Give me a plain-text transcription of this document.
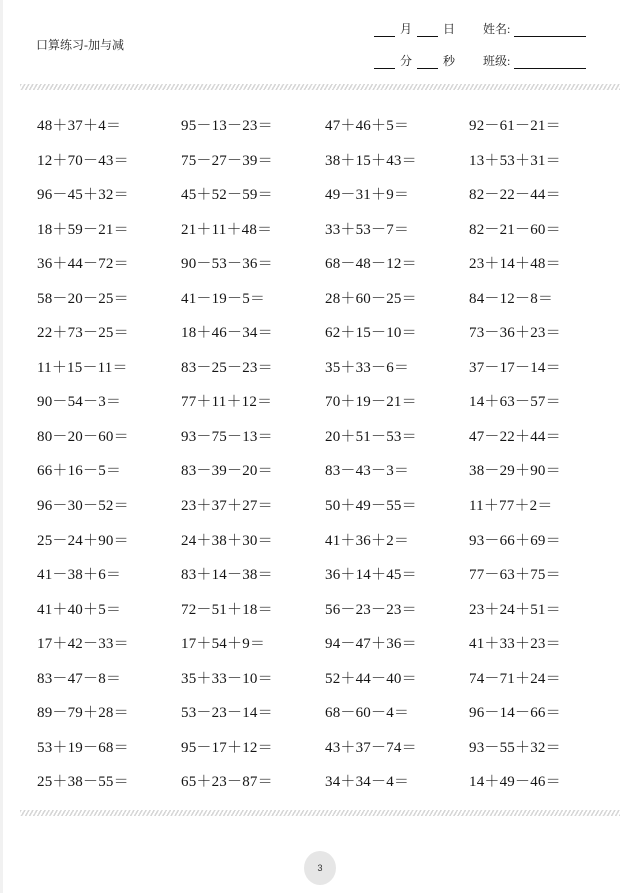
口算练习-加与减
月	日 姓名:
分	秒 班级:
48＋37＋4＝	95－13－23＝	47＋46＋5＝	92－61－21＝
12＋70－43＝	75－27－39＝	38＋15＋43＝	13＋53＋31＝
96－45＋32＝	45＋52－59＝	49－31＋9＝	82－22－44＝
18＋59－21＝	21＋11＋48＝	33＋53－7＝	82－21－60＝
36＋44－72＝	90－53－36＝	68－48－12＝	23＋14＋48＝
58－20－25＝	41－19－5＝	28＋60－25＝	84－12－8＝
22＋73－25＝	18＋46－34＝	62＋15－10＝	73－36＋23＝
11＋15－11＝	83－25－23＝	35＋33－6＝	37－17－14＝
90－54－3＝	77＋11＋12＝	70＋19－21＝	14＋63－57＝
80－20－60＝	93－75－13＝	20＋51－53＝	47－22＋44＝
66＋16－5＝	83－39－20＝	83－43－3＝	38－29＋90＝
96－30－52＝	23＋37＋27＝	50＋49－55＝	11＋77＋2＝
25－24＋90＝	24＋38＋30＝	41＋36＋2＝	93－66＋69＝
41－38＋6＝	83＋14－38＝	36＋14＋45＝	77－63＋75＝
41＋40＋5＝	72－51＋18＝	56－23－23＝	23＋24＋51＝
17＋42－33＝	17＋54＋9＝	94－47＋36＝	41＋33＋23＝
83－47－8＝	35＋33－10＝	52＋44－40＝	74－71＋24＝
89－79＋28＝	53－23－14＝	68－60－4＝	96－14－66＝
53＋19－68＝	95－17＋12＝	43＋37－74＝	93－55＋32＝
25＋38－55＝	65＋23－87＝	34＋34－4＝	14＋49－46＝
3
